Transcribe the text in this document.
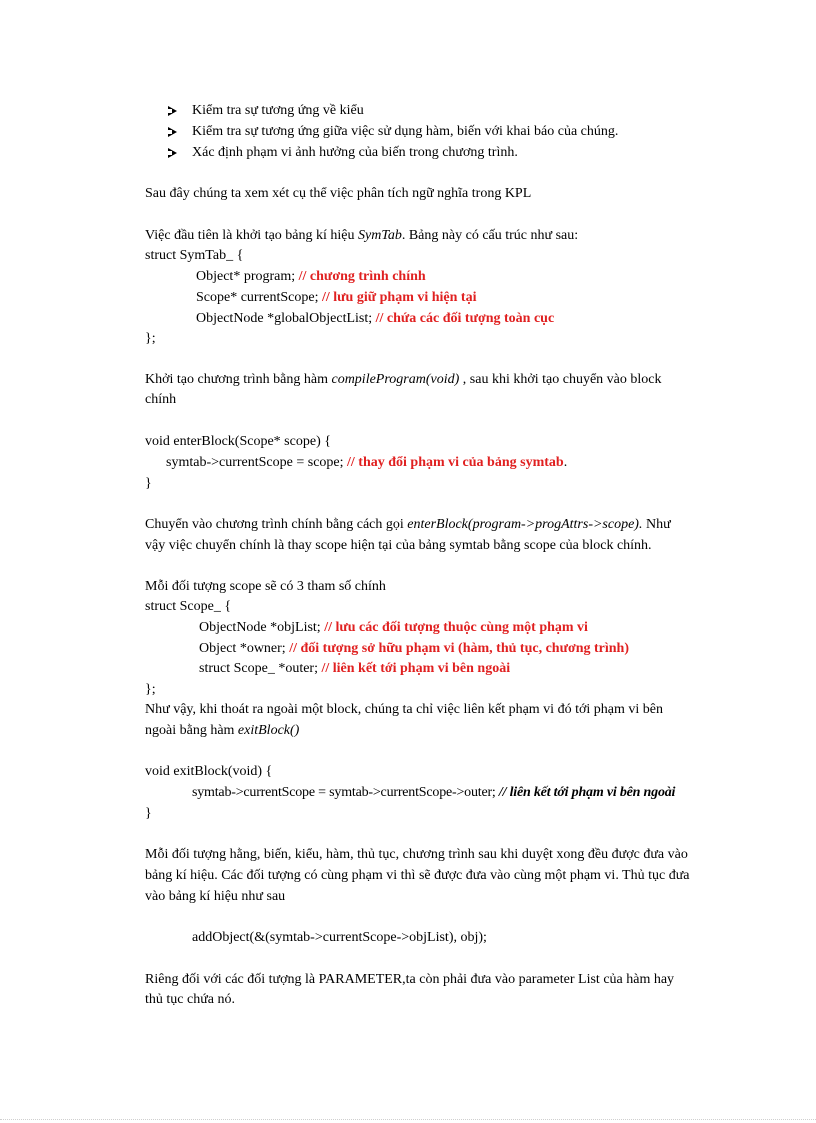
Kiểm tra sự tương ứng về kiểu
Kiểm tra sự tương ứng giữa việc sử dụng hàm, biến với khai báo của chúng.
Xác định phạm vi ảnh hưởng của biến trong chương trình.
Sau đây chúng ta xem xét cụ thể việc phân tích ngữ nghĩa trong KPL
Việc đầu tiên là khởi tạo bảng kí hiệu SymTab. Bảng này có cấu trúc như sau:
struct SymTab_ {
Object* program; // chương trình chính
Scope* currentScope; // lưu giữ phạm vi hiện tại
ObjectNode *globalObjectList; // chứa các đối tượng toàn cục
};
Khởi tạo chương trình bằng hàm compileProgram(void) , sau khi khởi tạo chuyển vào block
chính
void enterBlock(Scope* scope) {
symtab->currentScope = scope; // thay đổi phạm vi của bảng symtab.
}
Chuyển vào chương trình chính bằng cách gọi enterBlock(program->progAttrs->scope). Như
vậy việc chuyển chính là thay scope hiện tại của bảng symtab bằng scope của block chính.
Mỗi đối tượng scope sẽ có 3 tham số chính
struct Scope_ {
ObjectNode *objList; // lưu các đối tượng thuộc cùng một phạm vi
Object *owner; // đối tượng sở hữu phạm vi (hàm, thủ tục, chương trình)
struct Scope_ *outer; // liên kết tới phạm vi bên ngoài
};
Như vậy, khi thoát ra ngoài một block, chúng ta chỉ việc liên kết phạm vi đó tới phạm vi bên
ngoài bằng hàm exitBlock()
void exitBlock(void) {
symtab->currentScope = symtab->currentScope->outer; // liên kết tới phạm vi bên ngoài
}
Mỗi đối tượng hằng, biến, kiểu, hàm, thủ tục, chương trình sau khi duyệt xong đều được đưa vào
bảng kí hiệu. Các đối tượng có cùng phạm vi thì sẽ được đưa vào cùng một phạm vi. Thủ tục đưa
vào bảng kí hiệu như sau
addObject(&(symtab->currentScope->objList), obj);
Riêng đối với các đối tượng là PARAMETER,ta còn phải đưa vào parameter List của hàm hay
thủ tục chứa nó.
